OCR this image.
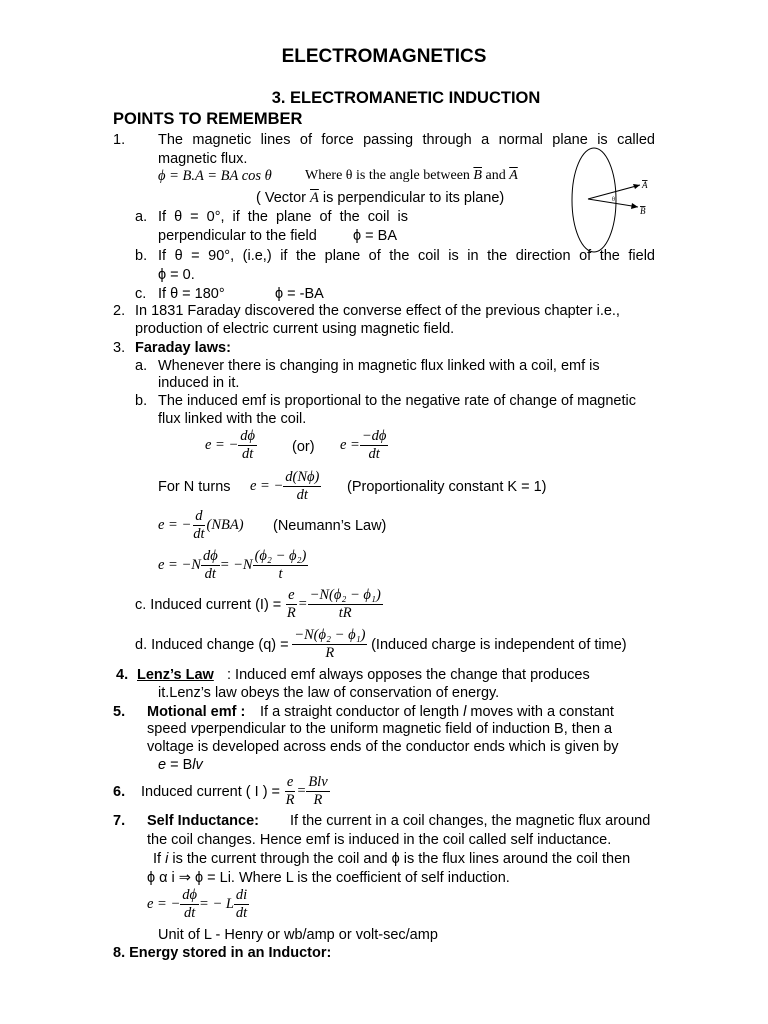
ELECTROMAGNETICS
3. ELECTROMANETIC INDUCTION
POINTS TO REMEMBER
1. The magnetic lines of force passing through a normal plane is called
magnetic flux.
ϕ = B.A = BA cos θ Where θ is the angle between
$\overline{B}$
and
$\overline{A}$
( Vector $\overline{A}$ is perpendicular to its plane)
a. If θ = 0°, if the plane of the coil is
perpendicular to the field ϕ = BA
b. If θ = 90°, (i.e,) if the plane of the coil is in the direction of the field
ϕ = 0.
c. If θ = 180°	ϕ = -BA
A
B
θ
2. In 1831 Faraday discovered the converse effect of the previous chapter i.e.,
production of electric current using magnetic field.
3. Faraday laws:
a. Whenever there is changing in magnetic flux linked with a coil, emf is
induced in it.
b. The induced emf is proportional to the negative rate of change of magnetic
flux linked with the coil.
e = − $\frac{d\phi}{dt} (or) e = \frac{-d\phi}{dt}$
For N turns e = − $\frac{d(N\phi)}{dt}$ (Proportionality constant K = 1)
e = − $\frac{d}{dt} (NBA)$ (Neumann’s Law)
$e = -N \frac{d\phi}{dt} = -N \frac{\text{(ϕ₂ − ϕ₂)}}{t}$
c. Induced current ( I ) =
$\frac{e}{R} = \frac{\text{−N(ϕ₂ − ϕ₁)}}{tR}$
d. Induced change ( q ) =
$\frac{\text{−N(ϕ₂ − ϕ₁)}}{R}$
(Induced charge is independent of time)
4. Lenz’s Law : Induced emf always opposes the change that produces
it.Lenz’s law obeys the law of conservation of energy.
5. Motional emf : If a straight conductor of length l moves with a constant
speed vperpendicular to the uniform magnetic field of induction B, then a
voltage is developed across ends of the conductor ends which is given by
e = Blv
6.	Induced current ( I ) =
$\frac{e}{R} = \frac{\text{Blv}}{R}$
7. Self Inductance: If the current in a coil changes, the magnetic flux around
the coil changes. Hence emf is induced in the coil called self inductance.
If i is the current through the coil and ϕ is the flux lines around the coil then
ϕ α i ⇒ ϕ = Li. Where L is the coefficient of self induction.
e = − $\frac{d\phi}{dt}$ = − L $\frac{di}{dt}$
Unit of L - Henry or wb/amp or volt-sec/amp
8. Energy stored in an Inductor:
